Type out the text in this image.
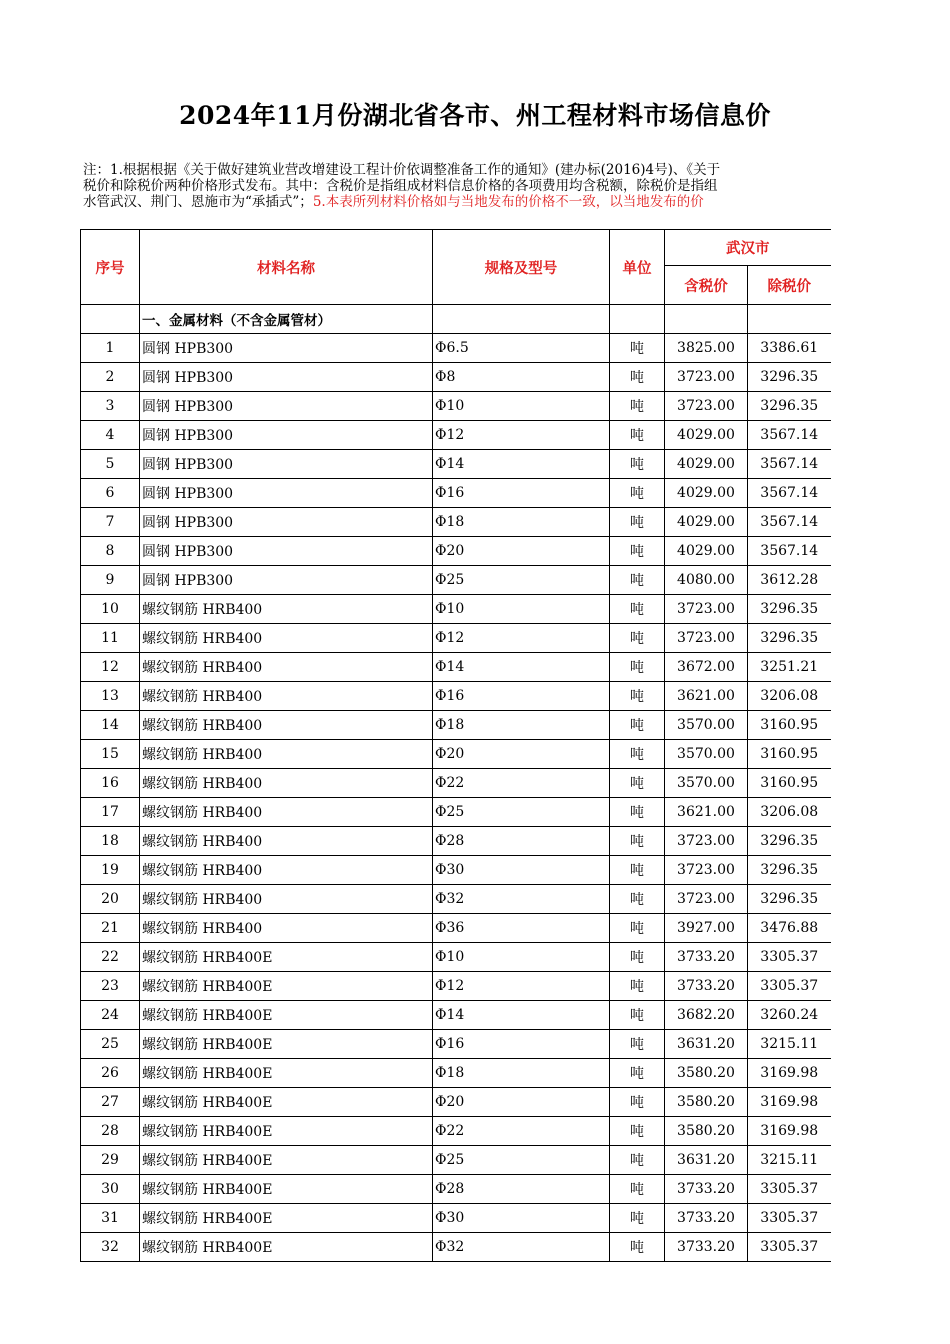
2024年11月份湖北省各市、州工程材料市场信息价
注：1.根据根据《关于做好建筑业营改增建设工程计价依调整准备工作的通知》(建办标(2016)4号)、《关于
税价和除税价两种价格形式发布。其中：含税价是指组成材料信息价格的各项费用均含税额，除税价是指组
水管武汉、荆门、恩施市为“承插式”；5.本表所列材料价格如与当地发布的价格不一致，以当地发布的价
序号	材料名称	规格及型号	单位	武汉市	
				含税价	除税价
	一、金属材料（不含金属管材）				
1	圆钢 HPB300	Φ6.5	吨	3825.00	3386.61
2	圆钢 HPB300	Φ8	吨	3723.00	3296.35
3	圆钢 HPB300	Φ10	吨	3723.00	3296.35
4	圆钢 HPB300	Φ12	吨	4029.00	3567.14
5	圆钢 HPB300	Φ14	吨	4029.00	3567.14
6	圆钢 HPB300	Φ16	吨	4029.00	3567.14
7	圆钢 HPB300	Φ18	吨	4029.00	3567.14
8	圆钢 HPB300	Φ20	吨	4029.00	3567.14
9	圆钢 HPB300	Φ25	吨	4080.00	3612.28
10	螺纹钢筋 HRB400	Φ10	吨	3723.00	3296.35
11	螺纹钢筋 HRB400	Φ12	吨	3723.00	3296.35
12	螺纹钢筋 HRB400	Φ14	吨	3672.00	3251.21
13	螺纹钢筋 HRB400	Φ16	吨	3621.00	3206.08
14	螺纹钢筋 HRB400	Φ18	吨	3570.00	3160.95
15	螺纹钢筋 HRB400	Φ20	吨	3570.00	3160.95
16	螺纹钢筋 HRB400	Φ22	吨	3570.00	3160.95
17	螺纹钢筋 HRB400	Φ25	吨	3621.00	3206.08
18	螺纹钢筋 HRB400	Φ28	吨	3723.00	3296.35
19	螺纹钢筋 HRB400	Φ30	吨	3723.00	3296.35
20	螺纹钢筋 HRB400	Φ32	吨	3723.00	3296.35
21	螺纹钢筋 HRB400	Φ36	吨	3927.00	3476.88
22	螺纹钢筋 HRB400E	Φ10	吨	3733.20	3305.37
23	螺纹钢筋 HRB400E	Φ12	吨	3733.20	3305.37
24	螺纹钢筋 HRB400E	Φ14	吨	3682.20	3260.24
25	螺纹钢筋 HRB400E	Φ16	吨	3631.20	3215.11
26	螺纹钢筋 HRB400E	Φ18	吨	3580.20	3169.98
27	螺纹钢筋 HRB400E	Φ20	吨	3580.20	3169.98
28	螺纹钢筋 HRB400E	Φ22	吨	3580.20	3169.98
29	螺纹钢筋 HRB400E	Φ25	吨	3631.20	3215.11
30	螺纹钢筋 HRB400E	Φ28	吨	3733.20	3305.37
31	螺纹钢筋 HRB400E	Φ30	吨	3733.20	3305.37
32	螺纹钢筋 HRB400E	Φ32	吨	3733.20	3305.37
